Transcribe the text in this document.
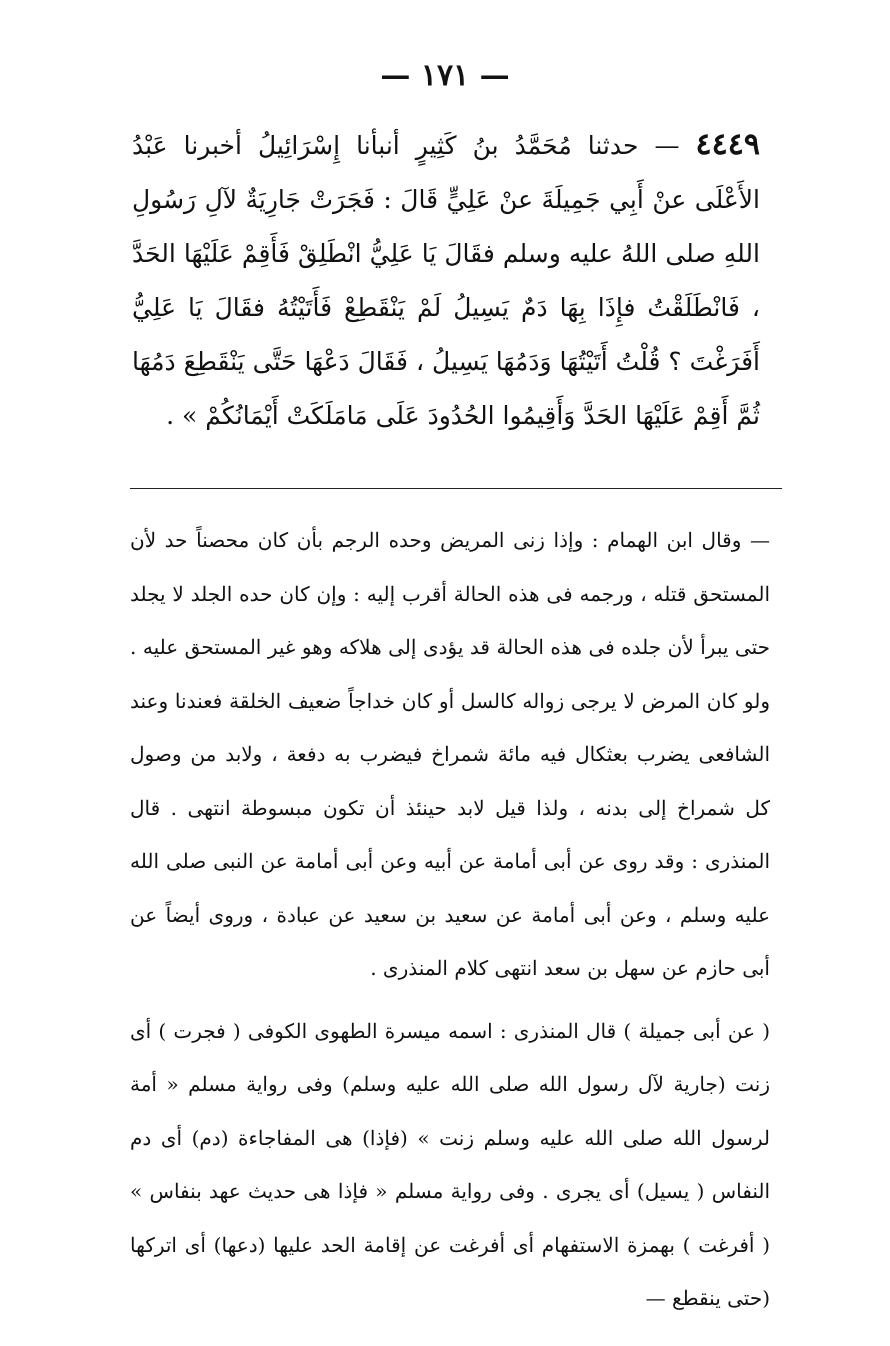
— ١٧١ —
٤٤٤٩ — حدثنا مُحَمَّدُ بنُ كَثِيرٍ أنبأنا إِسْرَائِيلُ أخبرنا عَبْدُ الأَعْلَى عنْ أَبِي جَمِيلَةَ عنْ عَلِيٍّ قَالَ : فَجَرَتْ جَارِيَةٌ لآلِ رَسُولِ اللهِ صلى اللهُ عليه وسلم فقَالَ يَا عَلِيُّ انْطَلِقْ فَأَقِمْ عَلَيْهَا الحَدَّ ، فَانْطَلَقْتُ فإِذَا بِهَا دَمٌ يَسِيلُ لَمْ يَنْقَطِعْ فَأَتَيْتُهُ فقَالَ يَا عَلِيُّ أَفَرَغْتَ ؟ قُلْتُ أَتَيْتُهَا وَدَمُهَا يَسِيلُ ، فَقَالَ دَعْهَا حَتَّى يَنْقَطِعَ دَمُهَا ثُمَّ أَقِمْ عَلَيْهَا الحَدَّ وَأَقِيمُوا الحُدُودَ عَلَى مَامَلَكَتْ أَيْمَانُكُمْ » .

— وقال ابن الهمام : وإذا زنى المريض وحده الرجم بأن كان محصناً حد لأن المستحق قتله ، ورجمه فى هذه الحالة أقرب إليه : وإن كان حده الجلد لا يجلد حتى يبرأ لأن جلده فى هذه الحالة قد يؤدى إلى هلاكه وهو غير المستحق عليه . ولو كان المرض لا يرجى زواله كالسل أو كان خداجاً ضعيف الخلقة فعندنا وعند الشافعى يضرب بعثكال فيه مائة شمراخ فيضرب به دفعة ، ولابد من وصول كل شمراخ إلى بدنه ، ولذا قيل لابد حينئذ أن تكون مبسوطة انتهى . قال المنذرى : وقد روى عن أبى أمامة عن أبيه وعن أبى أمامة عن النبى صلى الله عليه وسلم ، وعن أبى أمامة عن سعيد بن سعيد عن عبادة ، وروى أيضاً عن أبى حازم عن سهل بن سعد انتهى كلام المنذرى .

( عن أبى جميلة ) قال المنذرى : اسمه ميسرة الطهوى الكوفى ( فجرت ) أى زنت (جارية لآل رسول الله صلى الله عليه وسلم) وفى رواية مسلم « أمة لرسول الله صلى الله عليه وسلم زنت » (فإذا) هى المفاجاءة (دم) أى دم النفاس ( يسيل) أى يجرى . وفى رواية مسلم « فإذا هى حديث عهد بنفاس » ( أفرغت ) بهمزة الاستفهام أى أفرغت عن إقامة الحد عليها (دعها) أى اتركها (حتى ينقطع —
